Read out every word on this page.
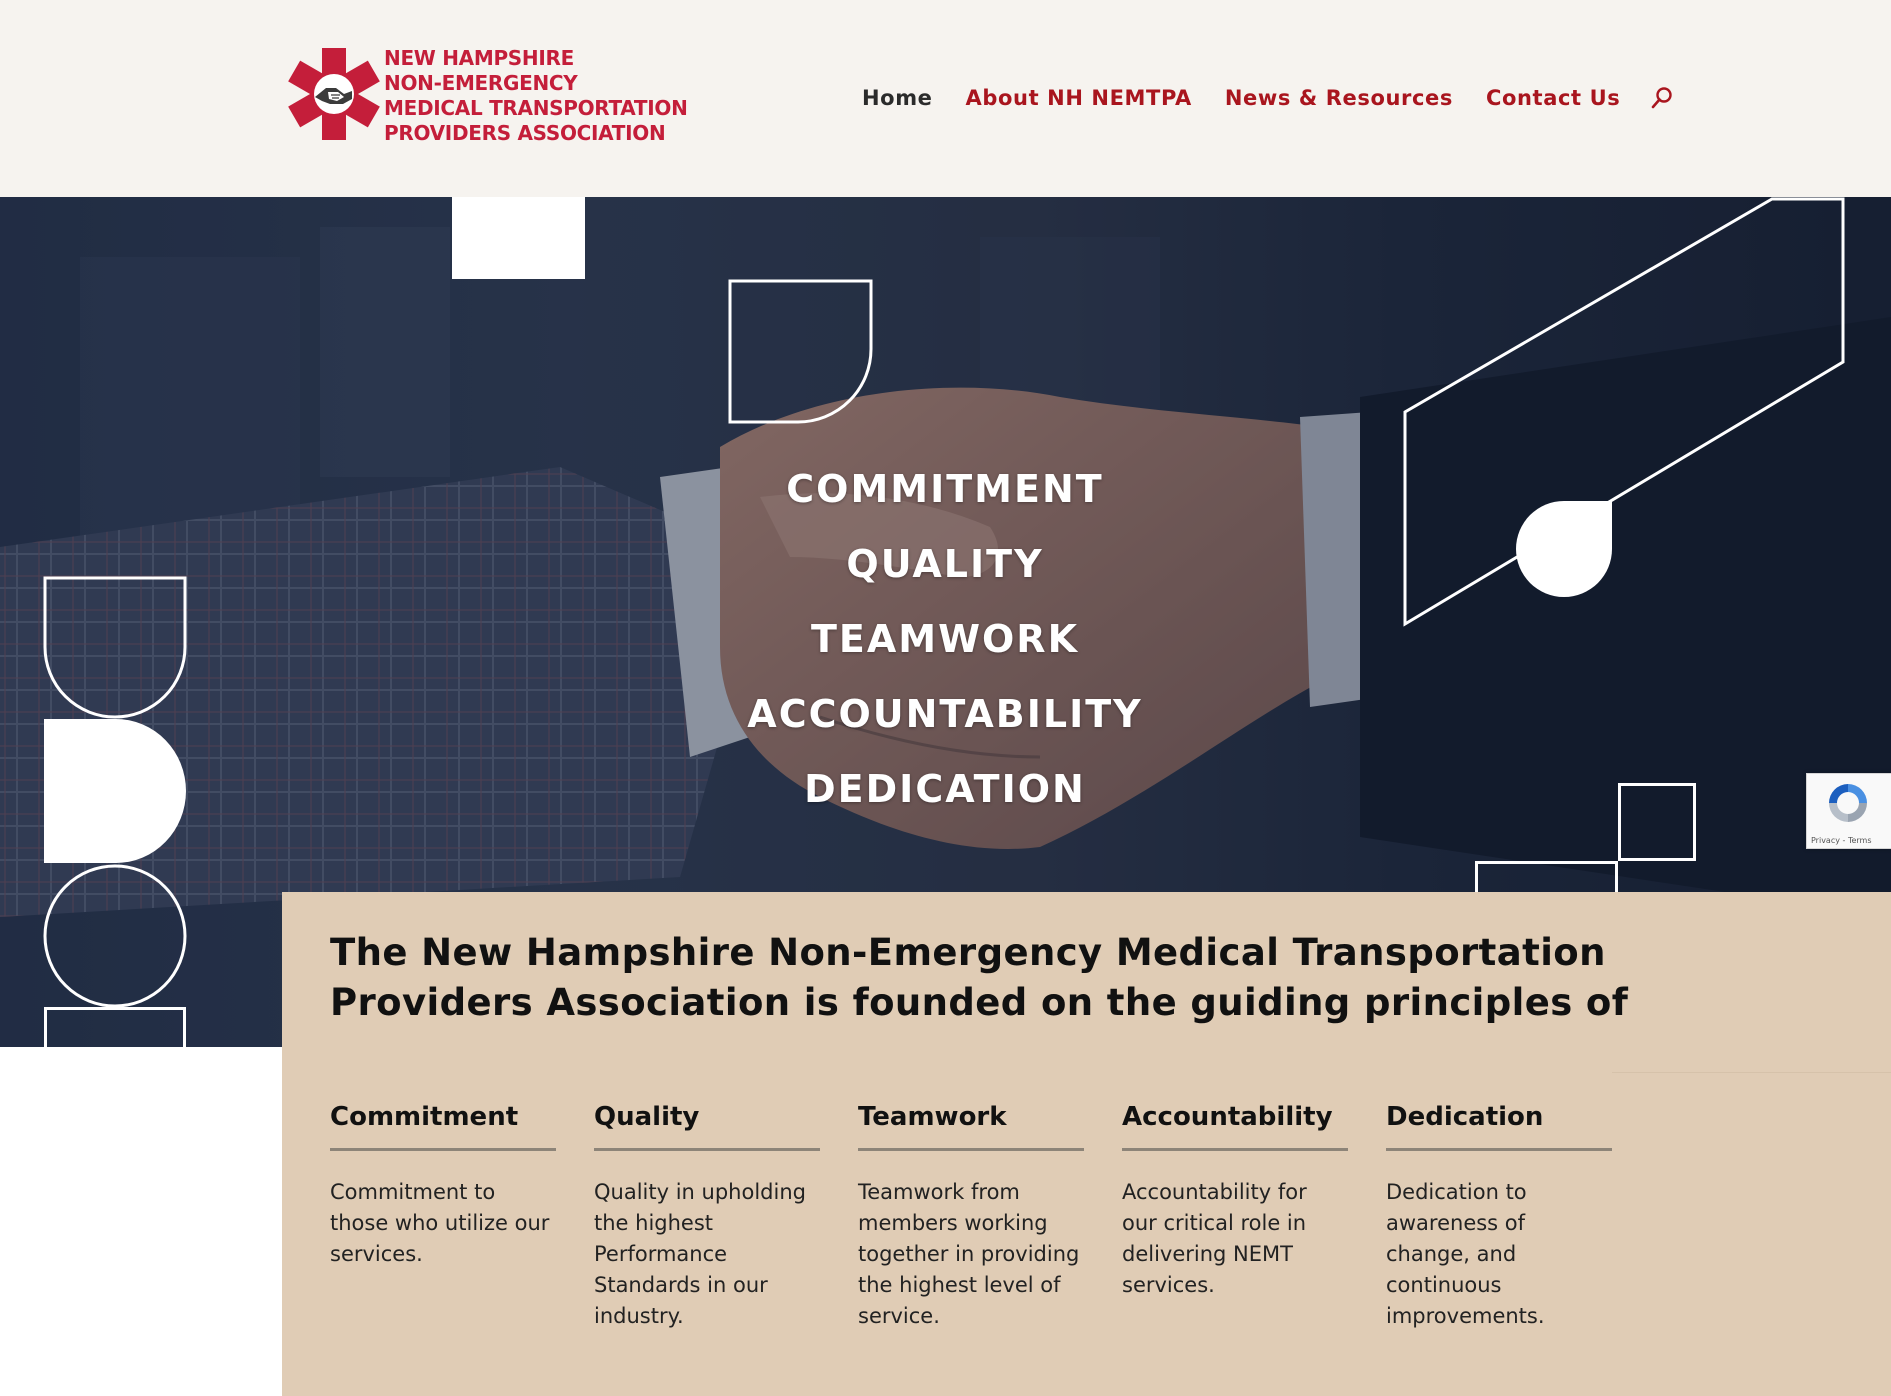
NEW HAMPSHIRE
NON-EMERGENCY
MEDICAL TRANSPORTATION
PROVIDERS ASSOCIATION
Home About NH NEMTPA News & Resources Contact Us
COMMITMENT
QUALITY
TEAMWORK
ACCOUNTABILITY
DEDICATION
Privacy - Terms
The New Hampshire Non-Emergency Medical Transportation
Providers Association is founded on the guiding principles of
Commitment
Commitment to those who utilize our services.
Quality
Quality in upholding the highest Performance Standards in our industry.
Teamwork
Teamwork from members working together in providing the highest level of service.
Accountability
Accountability for our critical role in delivering NEMT services.
Dedication
Dedication to awareness of change, and continuous improvements.
